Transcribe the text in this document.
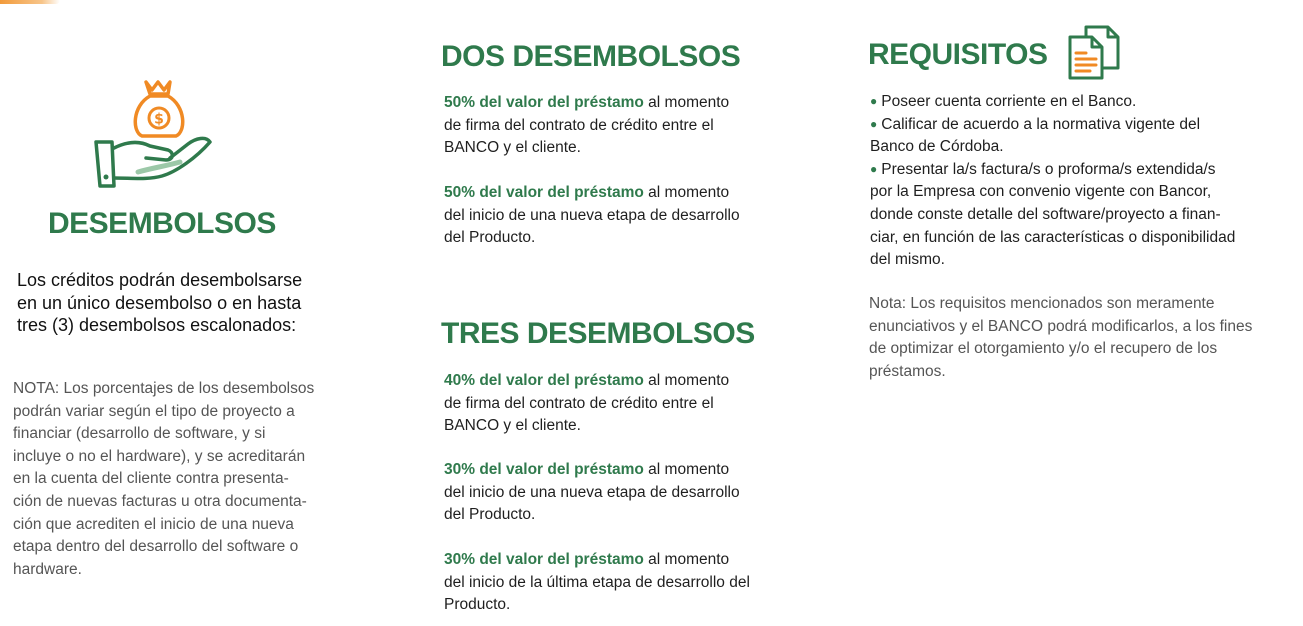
$
DESEMBOLSOS

Los créditos podrán desembolsarse
en un único desembolso o en hasta
tres (3) desembolsos escalonados:

NOTA: Los porcentajes de los desembolsos
podrán variar según el tipo de proyecto a
financiar (desarrollo de software, y si
incluye o no el hardware), y se acreditarán
en la cuenta del cliente contra presenta-
ción de nuevas facturas u otra documenta-
ción que acrediten el inicio de una nueva
etapa dentro del desarrollo del software o
hardware.

DOS DESEMBOLSOS

50% del valor del préstamo al momento
de firma del contrato de crédito entre el
BANCO y el cliente.

50% del valor del préstamo al momento
del inicio de una nueva etapa de desarrollo
del Producto.

TRES DESEMBOLSOS

40% del valor del préstamo al momento
de firma del contrato de crédito entre el
BANCO y el cliente.

30% del valor del préstamo al momento
del inicio de una nueva etapa de desarrollo
del Producto.

30% del valor del préstamo al momento
del inicio de la última etapa de desarrollo del
Producto.

REQUISITOS
● Poseer cuenta corriente en el Banco.
● Calificar de acuerdo a la normativa vigente del
Banco de Córdoba.
● Presentar la/s factura/s o proforma/s extendida/s
por la Empresa con convenio vigente con Bancor,
donde conste detalle del software/proyecto a finan-
ciar, en función de las características o disponibilidad
del mismo.

Nota: Los requisitos mencionados son meramente
enunciativos y el BANCO podrá modificarlos, a los fines
de optimizar el otorgamiento y/o el recupero de los
préstamos.
